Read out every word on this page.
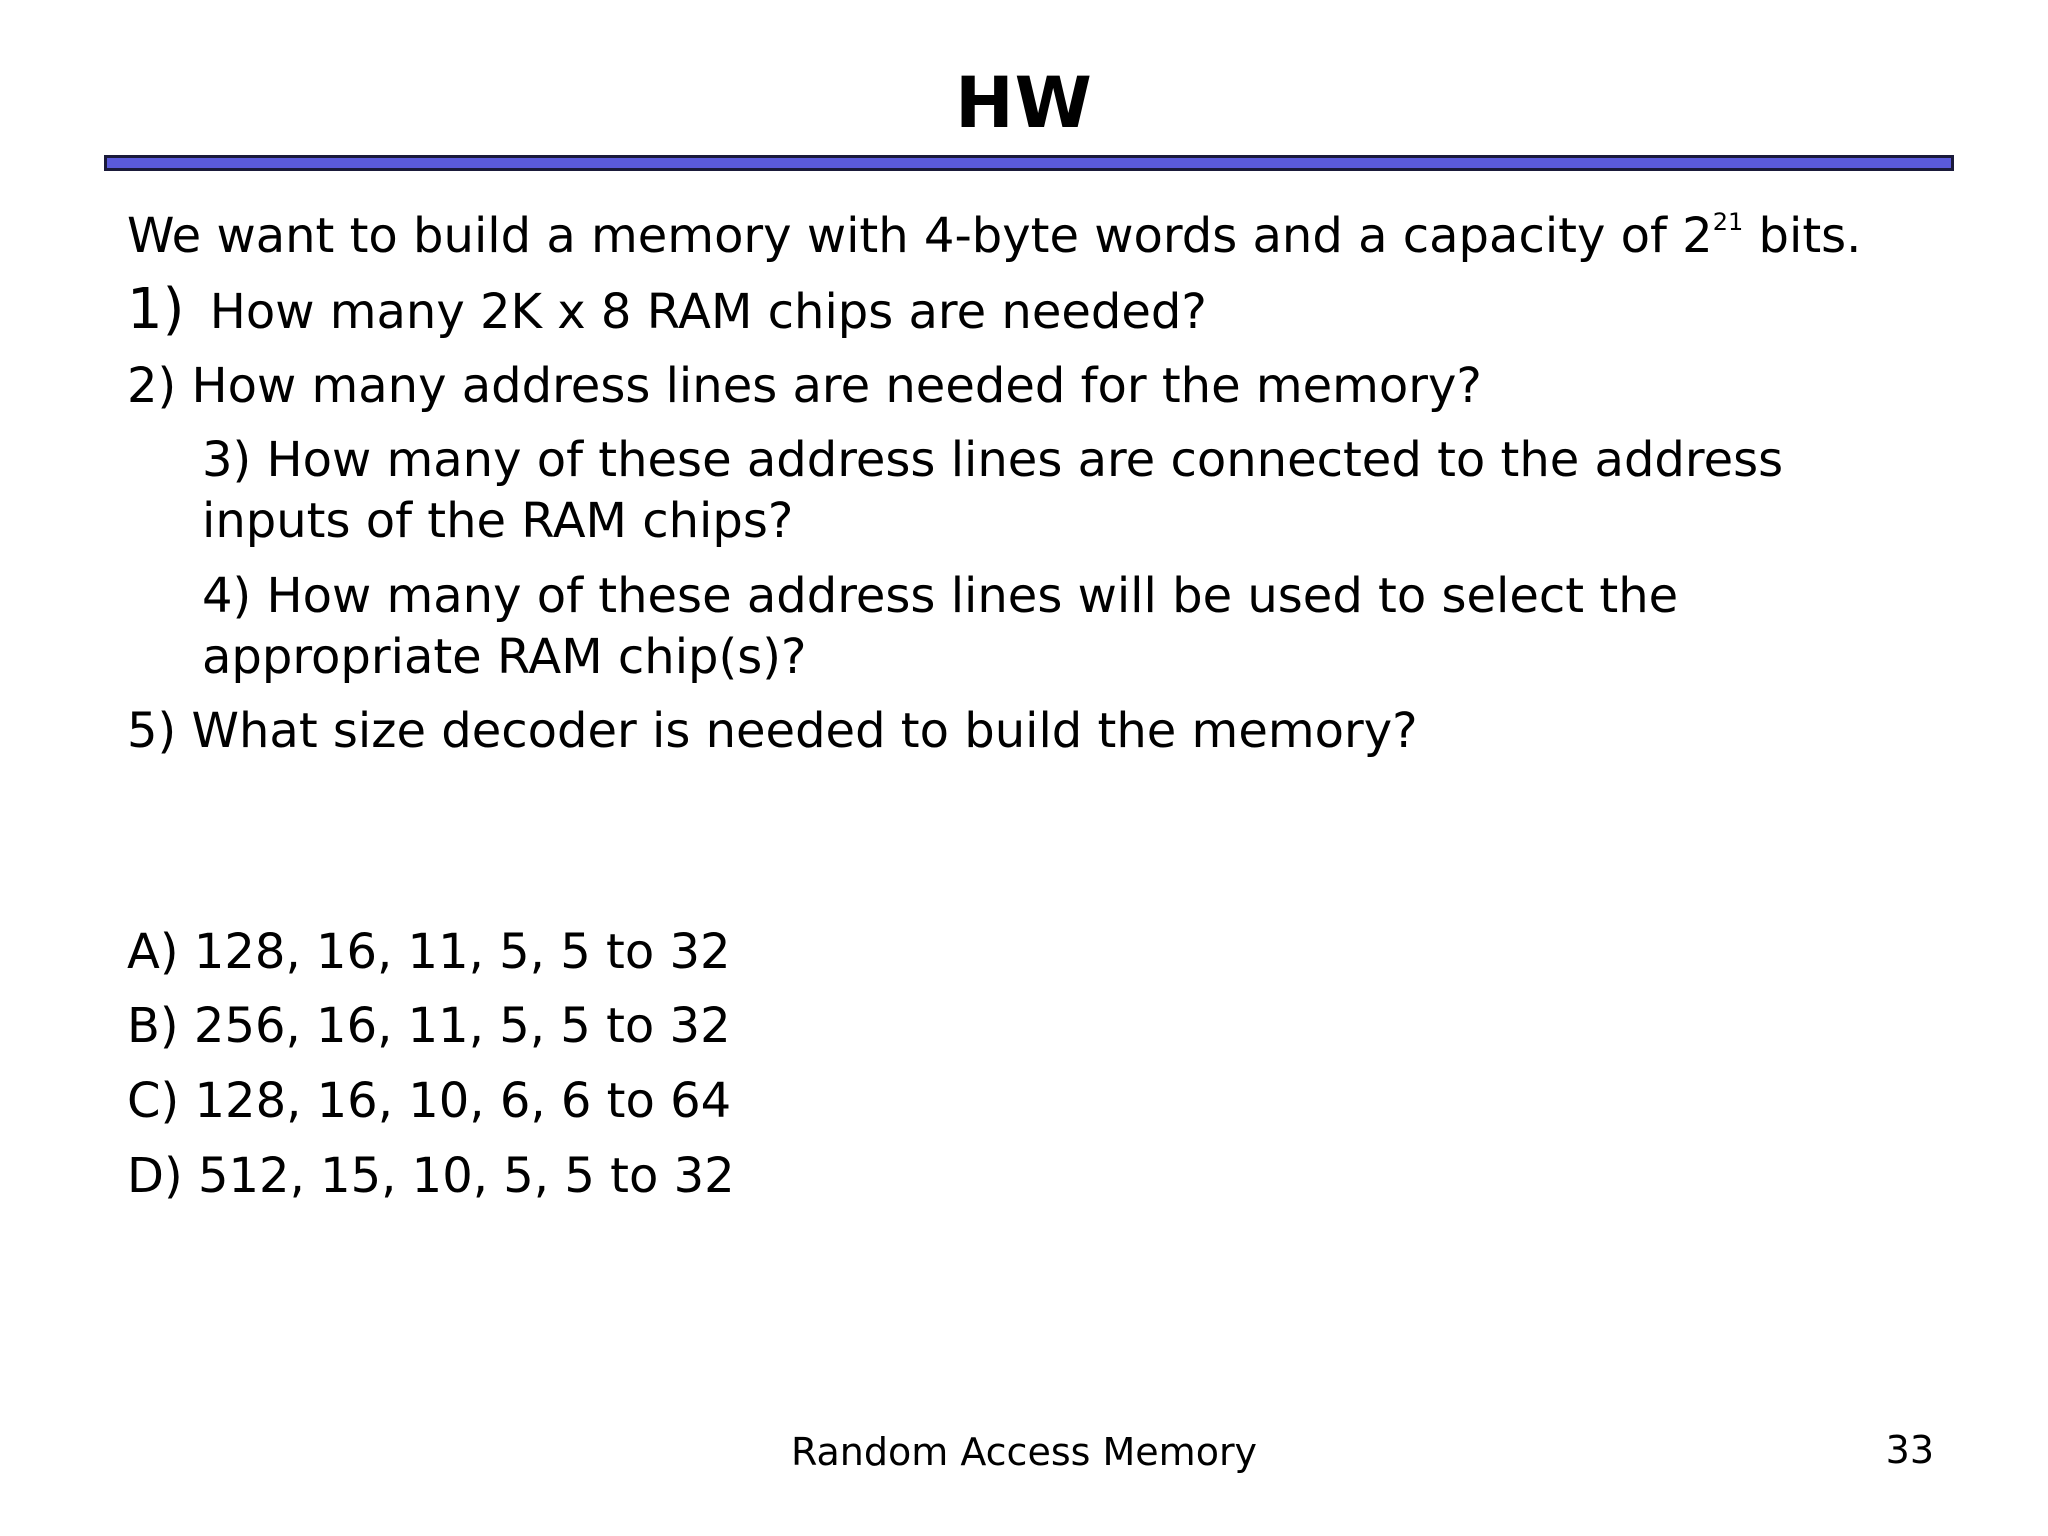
HW
We want to build a memory with 4-byte words and a capacity of $2^{21}$ bits.
1) How many 2K x 8 RAM chips are needed?
2) How many address lines are needed for the memory?
3) How many of these address lines are connected to the address
inputs of the RAM chips?
4) How many of these address lines will be used to select the
appropriate RAM chip(s)?
5) What size decoder is needed to build the memory?
A) 128, 16, 11, 5, 5 to 32
B) 256, 16, 11, 5, 5 to 32
C) 128, 16, 10, 6, 6 to 64
D) 512, 15, 10, 5, 5 to 32
Random Access Memory	33
